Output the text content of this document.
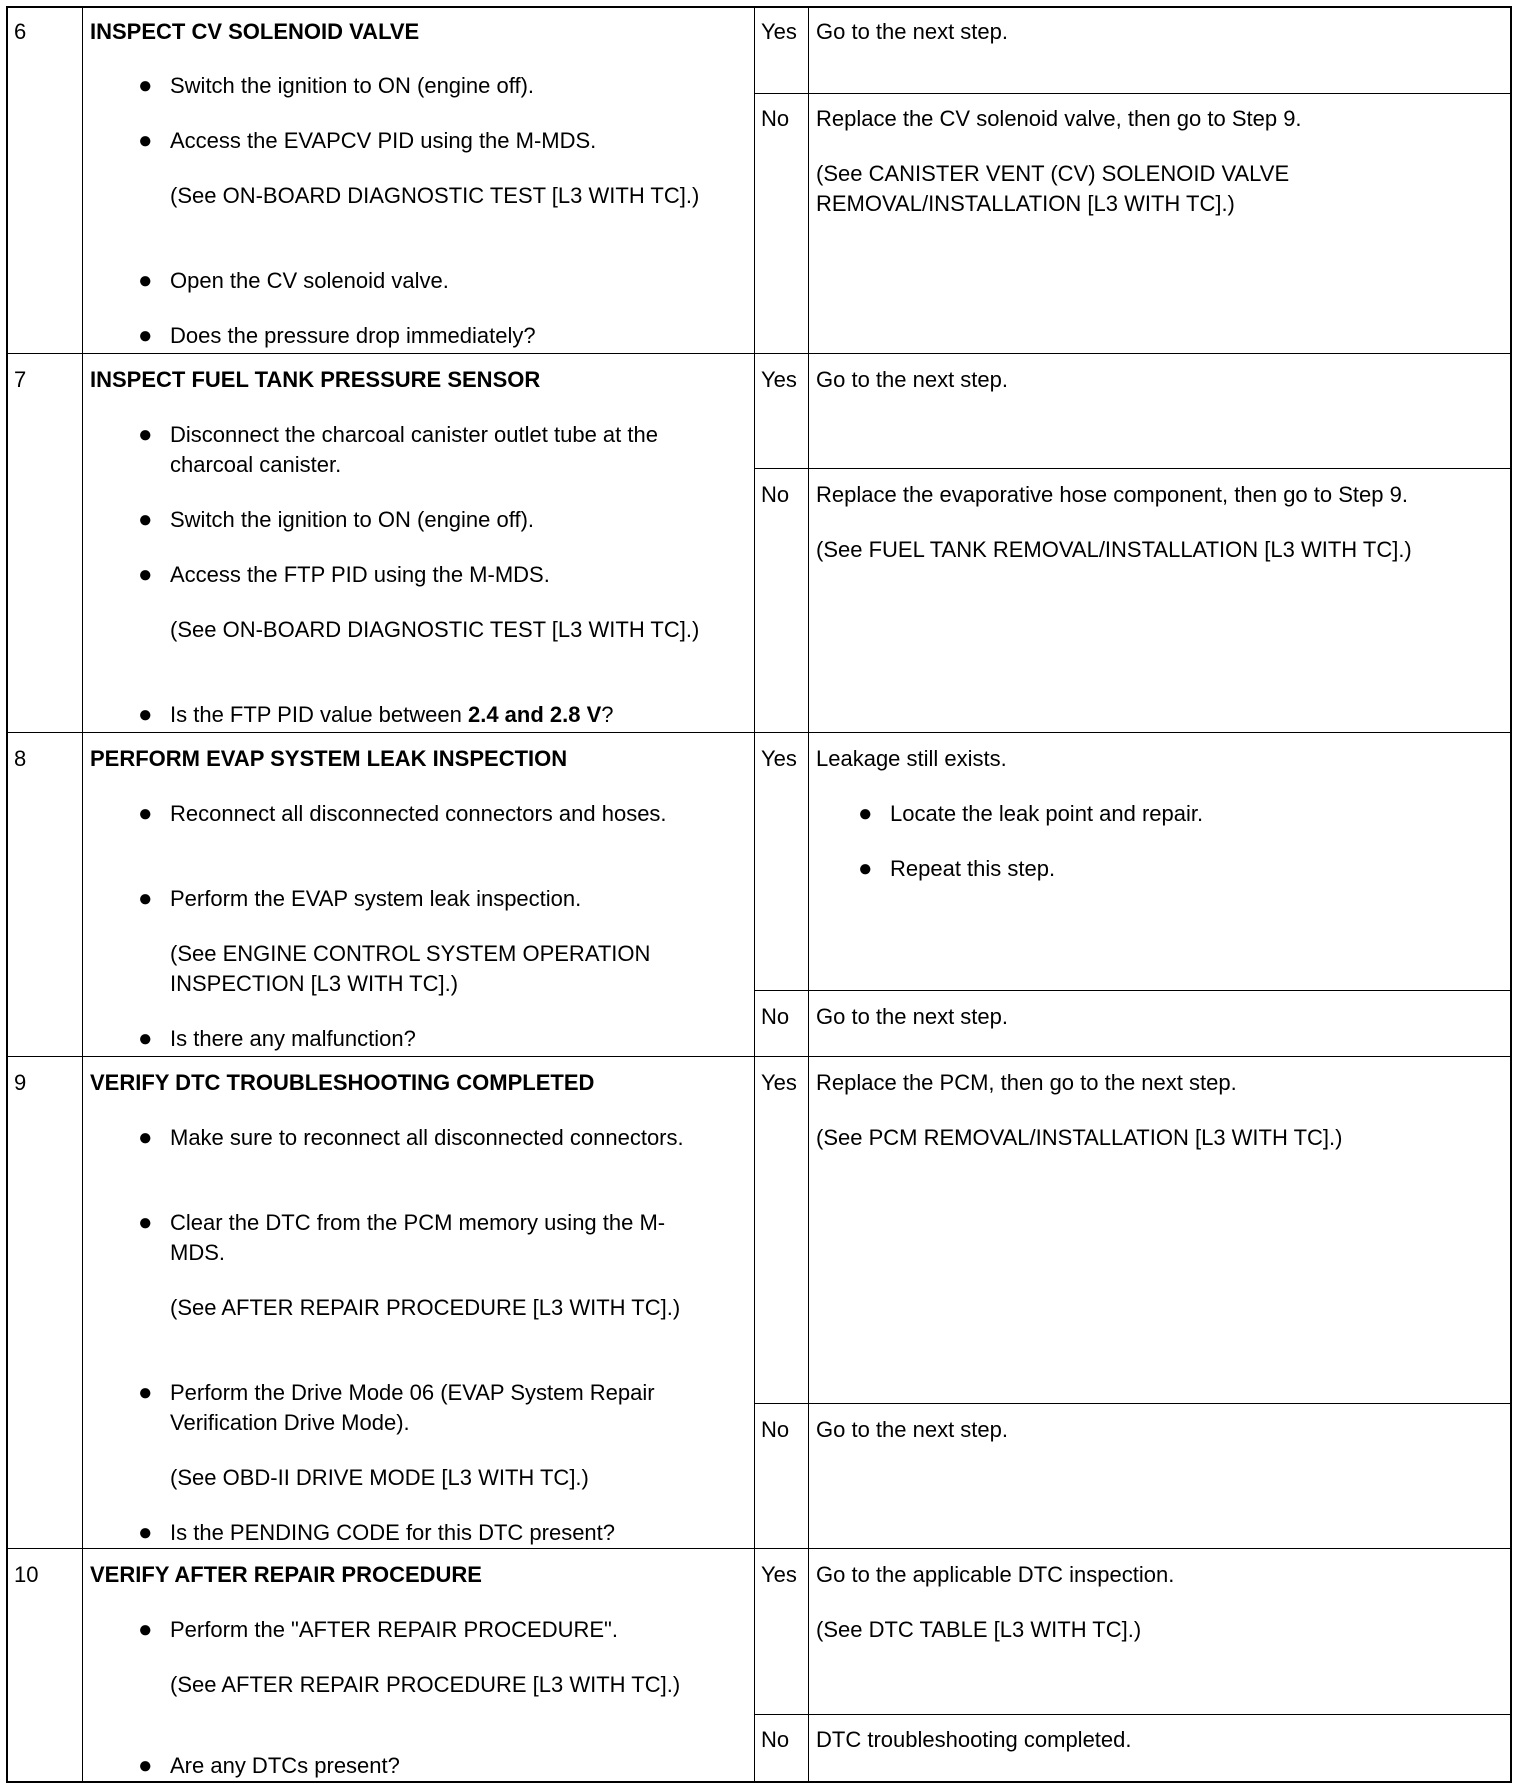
6	INSPECT CV SOLENOID VALVE
● Switch the ignition to ON (engine off).
● Access the EVAPCV PID using the M-MDS.
(See ON-BOARD DIAGNOSTIC TEST [L3 WITH TC].)
● Open the CV solenoid valve.
● Does the pressure drop immediately?
Yes Go to the next step.
No Replace the CV solenoid valve, then go to Step 9.
(See CANISTER VENT (CV) SOLENOID VALVE REMOVAL/INSTALLATION [L3 WITH TC].)
7	INSPECT FUEL TANK PRESSURE SENSOR
● Disconnect the charcoal canister outlet tube at the charcoal canister.
● Switch the ignition to ON (engine off).
● Access the FTP PID using the M-MDS.
(See ON-BOARD DIAGNOSTIC TEST [L3 WITH TC].)
● Is the FTP PID value between 2.4 and 2.8 V?
Yes Go to the next step.
No Replace the evaporative hose component, then go to Step 9.
(See FUEL TANK REMOVAL/INSTALLATION [L3 WITH TC].)
8	PERFORM EVAP SYSTEM LEAK INSPECTION
● Reconnect all disconnected connectors and hoses.
● Perform the EVAP system leak inspection.
(See ENGINE CONTROL SYSTEM OPERATION INSPECTION [L3 WITH TC].)
● Is there any malfunction?
Yes Leakage still exists.
● Locate the leak point and repair.
● Repeat this step.
No Go to the next step.
9	VERIFY DTC TROUBLESHOOTING COMPLETED
● Make sure to reconnect all disconnected connectors.
● Clear the DTC from the PCM memory using the M-MDS.
(See AFTER REPAIR PROCEDURE [L3 WITH TC].)
● Perform the Drive Mode 06 (EVAP System Repair Verification Drive Mode).
(See OBD-II DRIVE MODE [L3 WITH TC].)
● Is the PENDING CODE for this DTC present?
Yes Replace the PCM, then go to the next step.
(See PCM REMOVAL/INSTALLATION [L3 WITH TC].)
No Go to the next step.
10 VERIFY AFTER REPAIR PROCEDURE
● Perform the "AFTER REPAIR PROCEDURE".
(See AFTER REPAIR PROCEDURE [L3 WITH TC].)
● Are any DTCs present?
Yes Go to the applicable DTC inspection.
(See DTC TABLE [L3 WITH TC].)
No DTC troubleshooting completed.
